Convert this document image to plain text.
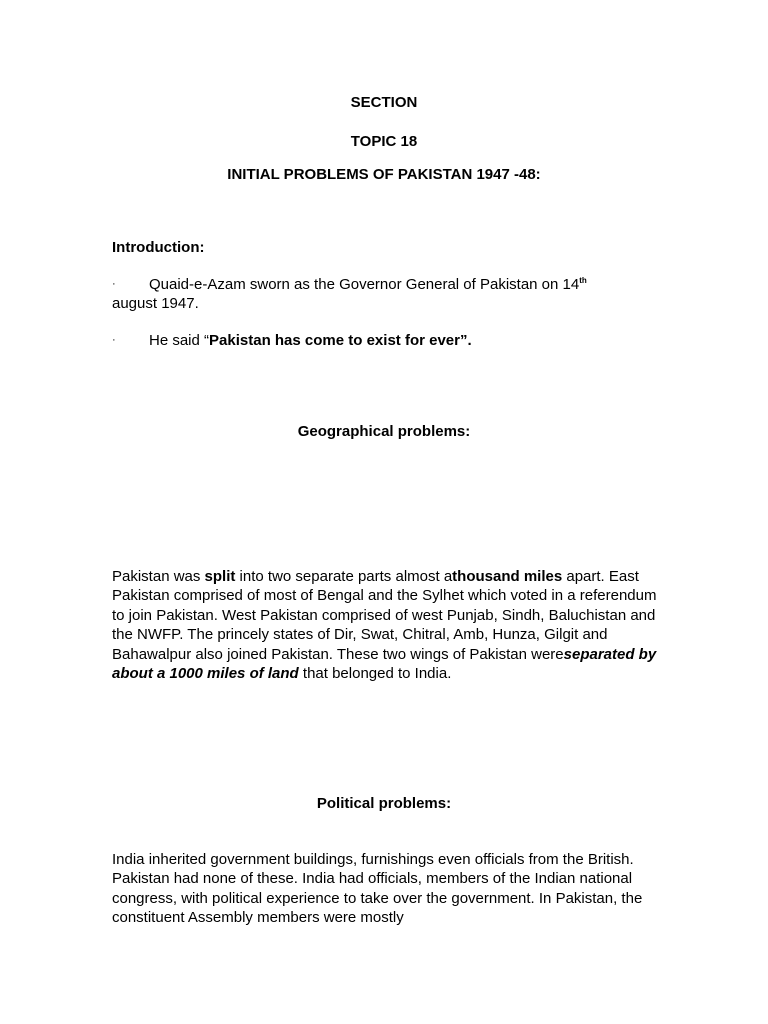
SECTION

TOPIC 18

INITIAL PROBLEMS OF PAKISTAN 1947 -48:

Introduction:

· Quaid-e-Azam sworn as the Governor General of Pakistan on 14th
august 1947.
· He said “Pakistan has come to exist for ever”.

Geographical problems:

Pakistan was split into two separate parts almost athousand miles apart. East Pakistan comprised of most of Bengal and the Sylhet which voted in a referendum to join Pakistan. West Pakistan comprised of west Punjab, Sindh, Baluchistan and the NWFP. The princely states of Dir, Swat, Chitral, Amb, Hunza, Gilgit and Bahawalpur also joined Pakistan. These two wings of Pakistan wereseparated by about a 1000 miles of land that belonged to India.

Political problems:

India inherited government buildings, furnishings even officials from the British. Pakistan had none of these. India had officials, members of the Indian national congress, with political experience to take over the government. In Pakistan, the constituent Assembly members were mostly
